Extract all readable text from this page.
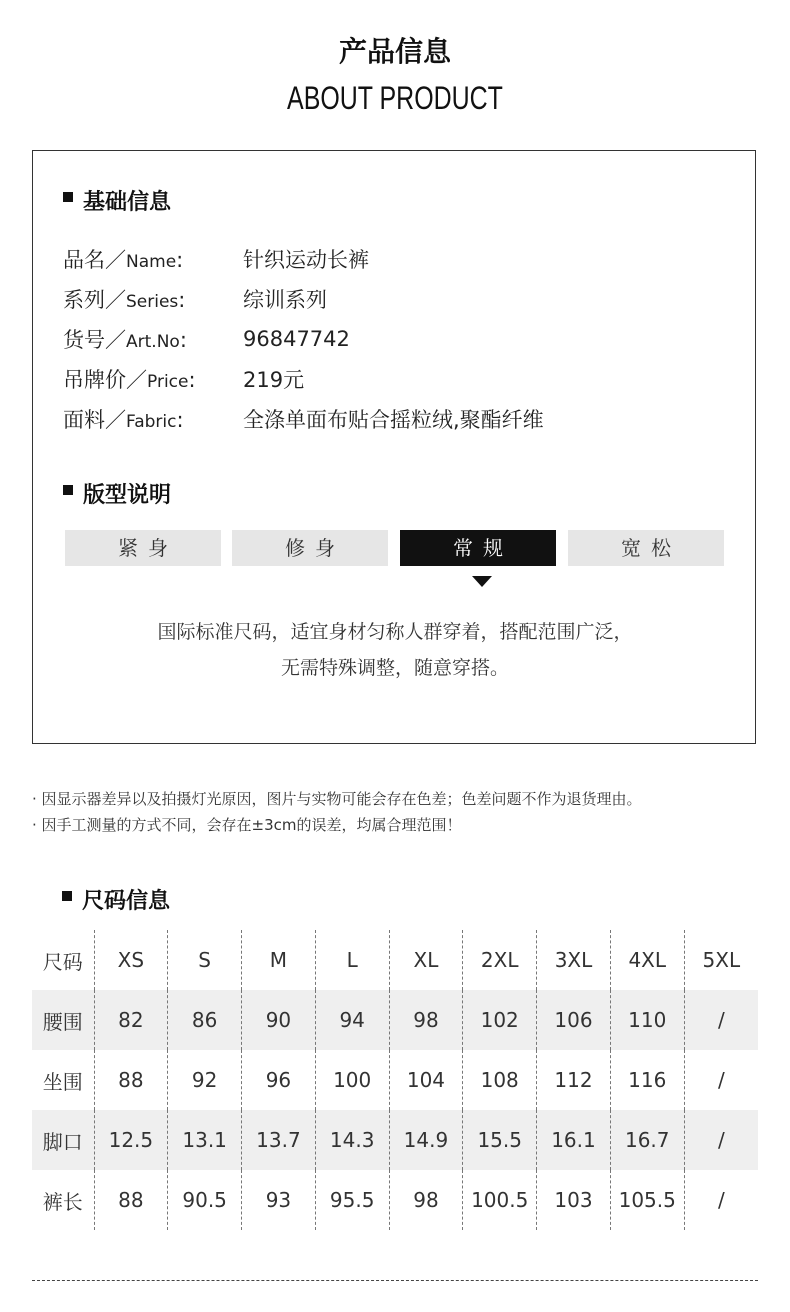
产品信息
ABOUT PRODUCT
基础信息
品名／Name:	针织运动长裤
系列／Series:	综训系列
货号／Art.No:	96847742
吊牌价／Price:	219元
面料／Fabric:	全涤单面布贴合摇粒绒,聚酯纤维
版型说明
紧身	修身	常规	宽松
国际标准尺码，适宜身材匀称人群穿着，搭配范围广泛，
无需特殊调整，随意穿搭。
· 因显示器差异以及拍摄灯光原因，图片与实物可能会存在色差；色差问题不作为退货理由。
· 因手工测量的方式不同，会存在±3cm的误差，均属合理范围！
尺码信息
尺码	XS	S	M	L	XL	2XL	3XL	4XL	5XL
腰围	82	86	90	94	98	102	106	110	/
坐围	88	92	96	100	104	108	112	116	/
脚口	12.5	13.1	13.7	14.3	14.9	15.5	16.1	16.7	/
裤长	88	90.5	93	95.5	98	100.5	103	105.5	/
